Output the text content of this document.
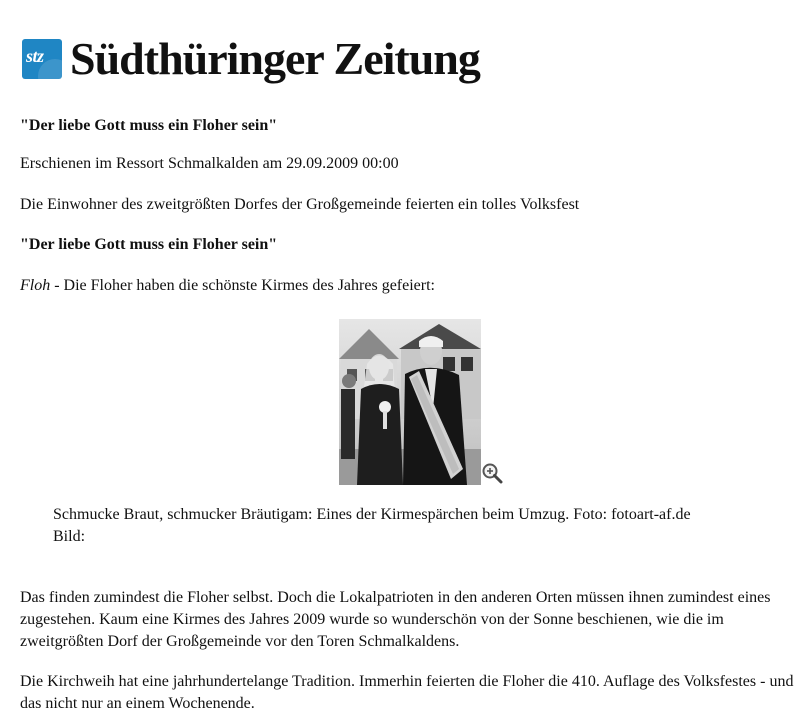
stz Südthüringer Zeitung

"Der liebe Gott muss ein Floher sein"

Erschienen im Ressort Schmalkalden am 29.09.2009 00:00

Die Einwohner des zweitgrößten Dorfes der Großgemeinde feierten ein tolles Volksfest

"Der liebe Gott muss ein Floher sein"

Floh - Die Floher haben die schönste Kirmes des Jahres gefeiert:

Schmucke Braut, schmucker Bräutigam: Eines der Kirmespärchen beim Umzug. Foto: fotoart-af.de
Bild:

Das finden zumindest die Floher selbst. Doch die Lokalpatrioten in den anderen Orten müssen ihnen zumindest eines zugestehen. Kaum eine Kirmes des Jahres 2009 wurde so wunderschön von der Sonne beschienen, wie die im zweitgrößten Dorf der Großgemeinde vor den Toren Schmalkaldens.

Die Kirchweih hat eine jahrhundertelange Tradition. Immerhin feierten die Floher die 410. Auflage des Volksfestes - und das nicht nur an einem Wochenende.
